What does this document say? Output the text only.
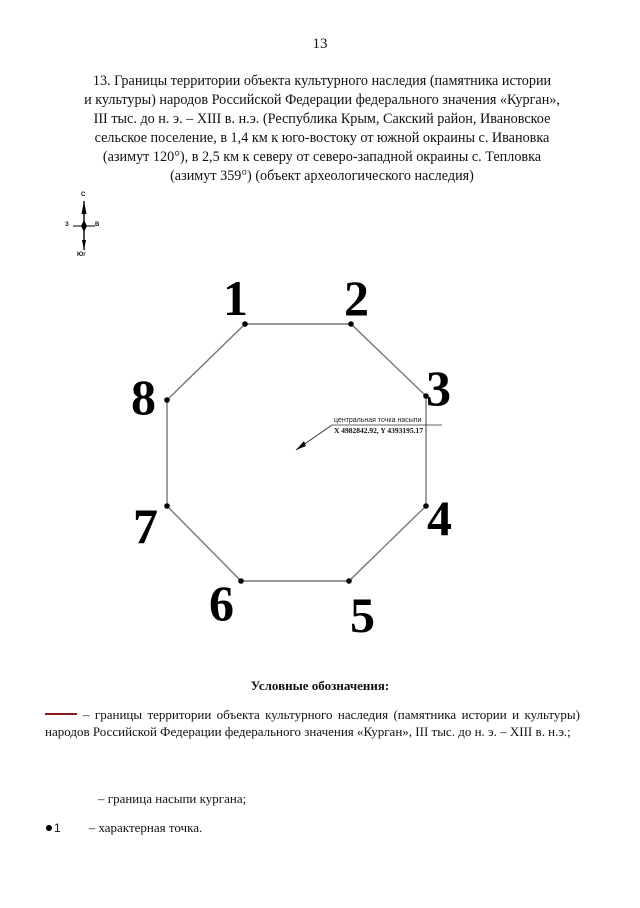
13
13. Границы территории объекта культурного наследия (памятника истории
и культуры) народов Российской Федерации федерального значения «Курган»,
III тыс. до н. э. – XIII в. н.э. (Республика Крым, Сакский район, Ивановское
сельское поселение, в 1,4 км к юго-востоку от южной окраины с. Ивановка
(азимут 120°), в 2,5 км к северу от северо-западной окраины с. Тепловка
(азимут 359°) (объект археологического наследия)
С
З	В
Юг
1 2
3
4
5
6
7
8	центральная точка насыпи
X 4982842.92, Y 4393195.17
Условные обозначения:
– границы территории объекта культурного наследия (памятника истории и культуры)
народов Российской Федерации федерального значения «Курган», III тыс. до н. э. – XIII в. н.э.;
– граница насыпи кургана;
1 – характерная точка.
